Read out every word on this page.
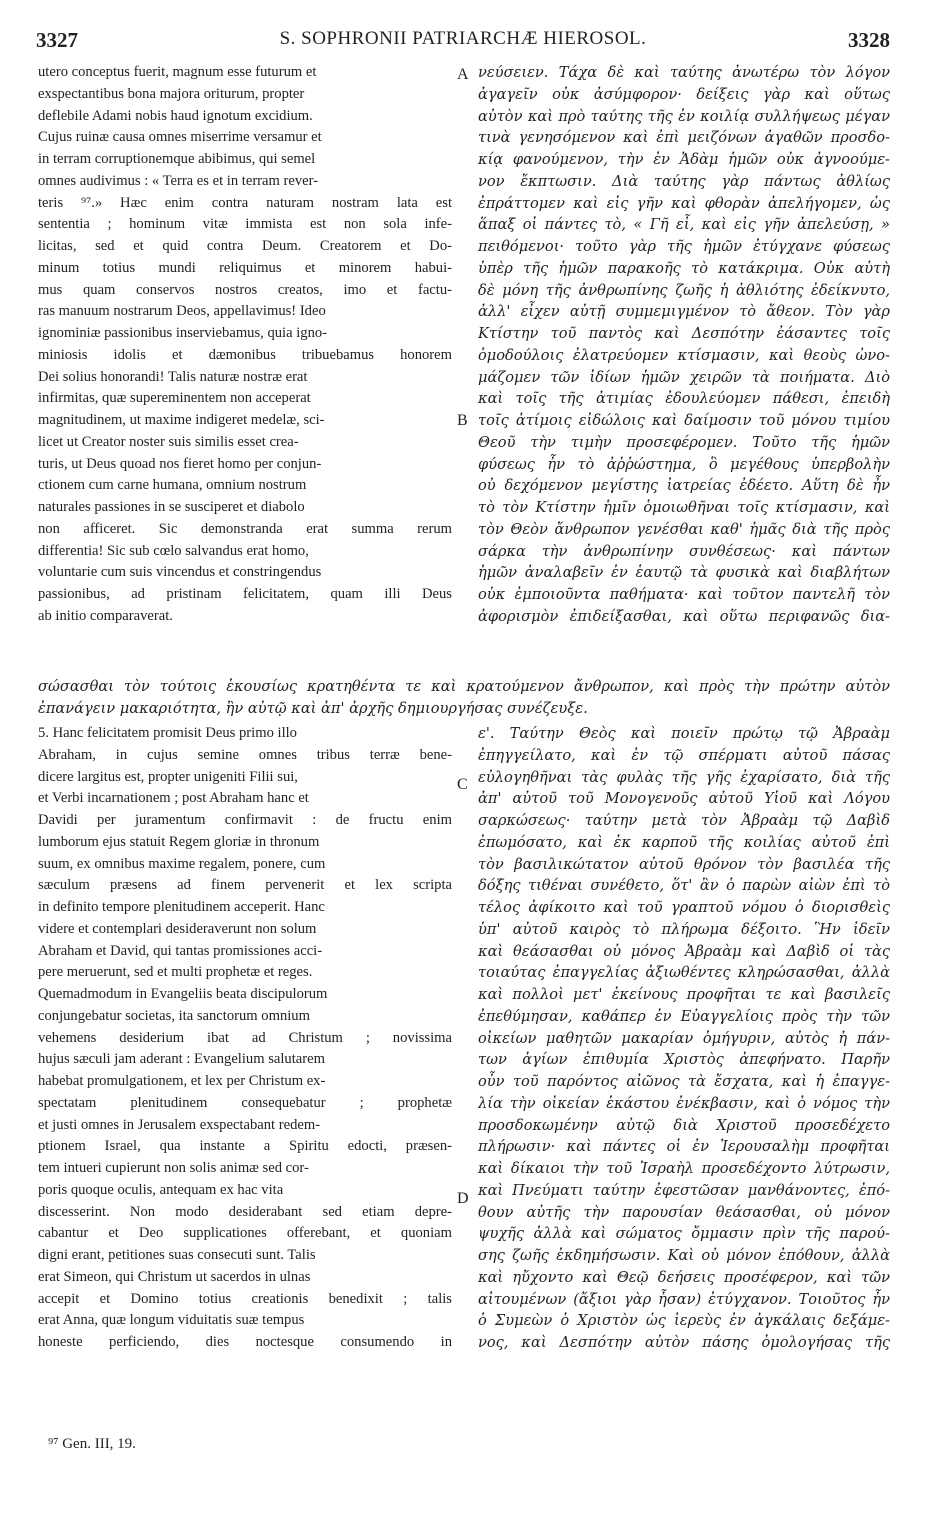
3327	S. SOPHRONII PATRIARCHÆ HIEROSOL.	3328
utero conceptus fuerit, magnum esse futurum et
exspectantibus bona majora oriturum, propter
deflebile Adami nobis haud ignotum excidium.
Cujus ruinæ causa omnes miserrime versamur et
in terram corruptionemque abibimus, qui semel
omnes audivimus : « Terra es et in terram rever-
teris ⁹⁷.» Hæc enim contra naturam nostram lata est
sententia ; hominum vitæ immista est non sola infe-
licitas, sed et quid contra Deum. Creatorem et Do-
minum totius mundi reliquimus et minorem habui-
mus quam conservos nostros creatos, imo et factu-
ras manuum nostrarum Deos, appellavimus! Ideo
ignominiæ passionibus inserviebamus, quia igno-
miniosis idolis et dæmonibus tribuebamus honorem
Dei solius honorandi! Talis naturæ nostræ erat
infirmitas, quæ supereminentem non acceperat
magnitudinem, ut maxime indigeret medelæ, sci-
licet ut Creator noster suis similis esset crea-
turis, ut Deus quoad nos fieret homo per conjun-
ctionem cum carne humana, omnium nostrum
naturales passiones in se susciperet et diabolo
non afficeret. Sic demonstranda erat summa rerum
differentia! Sic sub cœlo salvandus erat homo,
voluntarie cum suis vincendus et constringendus
passionibus, ad pristinam felicitatem, quam illi Deus
ab initio comparaverat.
νεύσειεν. Τάχα δὲ καὶ ταύτης ἀνωτέρω τὸν λόγον
ἀγαγεῖν οὐκ ἀσύμφορον· δείξεις γὰρ καὶ οὕτως
αὐτὸν καὶ πρὸ ταύτης τῆς ἐν κοιλίᾳ συλλήψεως μέγαν
τινὰ γενησόμενον καὶ ἐπὶ μειζόνων ἀγαθῶν προσδο-
κίᾳ φανούμενον, τὴν ἐν Ἀδὰμ ἡμῶν οὐκ ἀγνοούμε-
νον ἔκπτωσιν. Διὰ ταύτης γὰρ πάντως ἀθλίως
ἐπράττομεν καὶ εἰς γῆν καὶ φθορὰν ἀπελήγομεν, ὡς
ἅπαξ οἱ πάντες τὸ, « Γῆ εἶ, καὶ εἰς γῆν ἀπελεύσῃ, »
πειθόμενοι· τοῦτο γὰρ τῆς ἡμῶν ἐτύγχανε φύσεως
ὑπὲρ τῆς ἡμῶν παρακοῆς τὸ κατάκριμα. Οὐκ αὐτὴ
δὲ μόνη τῆς ἀνθρωπίνης ζωῆς ἡ ἀθλιότης ἐδείκνυτο,
ἀλλ' εἶχεν αὐτῇ συμμεμιγμένον τὸ ἄθεον. Τὸν γὰρ
Κτίστην τοῦ παντὸς καὶ Δεσπότην ἐάσαντες τοῖς
ὁμοδούλοις ἐλατρεύομεν κτίσμασιν, καὶ θεοὺς ὠνο-
μάζομεν τῶν ἰδίων ἡμῶν χειρῶν τὰ ποιήματα. Διὸ
καὶ τοῖς τῆς ἀτιμίας ἐδουλεύομεν πάθεσι, ἐπειδὴ
τοῖς ἀτίμοις εἰδώλοις καὶ δαίμοσιν τοῦ μόνου τιμίου
Θεοῦ τὴν τιμὴν προσεφέρομεν. Τοῦτο τῆς ἡμῶν
φύσεως ἦν τὸ ἀῤῥώστημα, ὃ μεγέθους ὑπερβολὴν
οὐ δεχόμενον μεγίστης ἰατρείας ἐδέετο. Αὕτη δὲ ἦν
τὸ τὸν Κτίστην ἡμῖν ὁμοιωθῆναι τοῖς κτίσμασιν, καὶ
τὸν Θεὸν ἄνθρωπον γενέσθαι καθ' ἡμᾶς διὰ τῆς πρὸς
σάρκα τὴν ἀνθρωπίνην συνθέσεως· καὶ πάντων
ἡμῶν ἀναλαβεῖν ἐν ἑαυτῷ τὰ φυσικὰ καὶ διαβλήτων
οὐκ ἐμποιοῦντα παθήματα· καὶ τοῦτον παντελῆ τὸν
ἀφορισμὸν ἐπιδείξασθαι, καὶ οὕτω περιφανῶς δια-
A
B
C
D
σώσασθαι τὸν τούτοις ἑκουσίως κρατηθέντα τε καὶ κρατούμενον ἄνθρωπον, καὶ πρὸς τὴν πρώτην αὐτὸν
ἐπανάγειν μακαριότητα, ἣν αὐτῷ καὶ ἀπ' ἀρχῆς δημιουργήσας συνέζευξε.
5. Hanc felicitatem promisit Deus primo illo
Abraham, in cujus semine omnes tribus terræ bene-
dicere largitus est, propter unigeniti Filii sui,
et Verbi incarnationem ; post Abraham hanc et
Davidi per juramentum confirmavit : de fructu enim
lumborum ejus statuit Regem gloriæ in thronum
suum, ex omnibus maxime regalem, ponere, cum
sæculum præsens ad finem pervenerit et lex scripta
in definito tempore plenitudinem acceperit. Hanc
videre et contemplari desideraverunt non solum
Abraham et David, qui tantas promissiones acci-
pere meruerunt, sed et multi prophetæ et reges.
Quemadmodum in Evangeliis beata discipulorum
conjungebatur societas, ita sanctorum omnium
vehemens desiderium ibat ad Christum ; novissima
hujus sæculi jam aderant : Evangelium salutarem
habebat promulgationem, et lex per Christum ex-
spectatam plenitudinem consequebatur ; prophetæ
et justi omnes in Jerusalem exspectabant redem-
ptionem Israel, qua instante a Spiritu edocti, præsen-
tem intueri cupierunt non solis animæ sed cor-
poris quoque oculis, antequam ex hac vita
discesserint. Non modo desiderabant sed etiam depre-
cabantur et Deo supplicationes offerebant, et quoniam
digni erant, petitiones suas consecuti sunt. Talis
erat Simeon, qui Christum ut sacerdos in ulnas
accepit et Domino totius creationis benedixit ; talis
erat Anna, quæ longum viduitatis suæ tempus
honeste perficiendo, dies noctesque consumendo in
ε'. Ταύτην Θεὸς καὶ ποιεῖν πρώτῳ τῷ Ἀβραὰμ
ἐπηγγείλατο, καὶ ἐν τῷ σπέρματι αὐτοῦ πάσας
εὐλογηθῆναι τὰς φυλὰς τῆς γῆς ἐχαρίσατο, διὰ τῆς
ἀπ' αὐτοῦ τοῦ Μονογενοῦς αὐτοῦ Υἱοῦ καὶ Λόγου
σαρκώσεως· ταύτην μετὰ τὸν Ἀβραὰμ τῷ Δαβὶδ
ἐπωμόσατο, καὶ ἐκ καρποῦ τῆς κοιλίας αὐτοῦ ἐπὶ
τὸν βασιλικώτατον αὐτοῦ θρόνον τὸν βασιλέα τῆς
δόξης τιθέναι συνέθετο, ὅτ' ἂν ὁ παρὼν αἰὼν ἐπὶ τὸ
τέλος ἀφίκοιτο καὶ τοῦ γραπτοῦ νόμου ὁ διορισθεὶς
ὑπ' αὐτοῦ καιρὸς τὸ πλήρωμα δέξοιτο. Ἣν ἰδεῖν
καὶ θεάσασθαι οὐ μόνος Ἀβραὰμ καὶ Δαβὶδ οἱ τὰς
τοιαύτας ἐπαγγελίας ἀξιωθέντες κληρώσασθαι, ἀλλὰ
καὶ πολλοὶ μετ' ἐκείνους προφῆται τε καὶ βασιλεῖς
ἐπεθύμησαν, καθάπερ ἐν Εὐαγγελίοις πρὸς τὴν τῶν
οἰκείων μαθητῶν μακαρίαν ὁμήγυριν, αὐτὸς ἡ πάν-
των ἁγίων ἐπιθυμία Χριστὸς ἀπεφήνατο. Παρῆν
οὖν τοῦ παρόντος αἰῶνος τὰ ἔσχατα, καὶ ἡ ἐπαγγε-
λία τὴν οἰκείαν ἑκάστου ἐνέκβασιν, καὶ ὁ νόμος τὴν
προσδοκωμένην αὐτῷ διὰ Χριστοῦ προσεδέχετο
πλήρωσιν· καὶ πάντες οἱ ἐν Ἱερουσαλὴμ προφῆται
καὶ δίκαιοι τὴν τοῦ Ἰσραὴλ προσεδέχοντο λύτρωσιν,
καὶ Πνεύματι ταύτην ἐφεστῶσαν μανθάνοντες, ἐπό-
θουν αὐτῆς τὴν παρουσίαν θεάσασθαι, οὐ μόνον
ψυχῆς ἀλλὰ καὶ σώματος ὄμμασιν πρὶν τῆς παρού-
σης ζωῆς ἐκδημήσωσιν. Καὶ οὐ μόνον ἐπόθουν, ἀλλὰ
καὶ ηὔχοντο καὶ Θεῷ δεήσεις προσέφερον, καὶ τῶν
αἰτουμένων (ἄξιοι γὰρ ἦσαν) ἐτύγχανον. Τοιοῦτος ἦν
ὁ Συμεὼν ὁ Χριστὸν ὡς ἱερεὺς ἐν ἀγκάλαις δεξάμε-
νος, καὶ Δεσπότην αὐτὸν πάσης ὁμολογήσας τῆς
⁹⁷ Gen. III, 19.
